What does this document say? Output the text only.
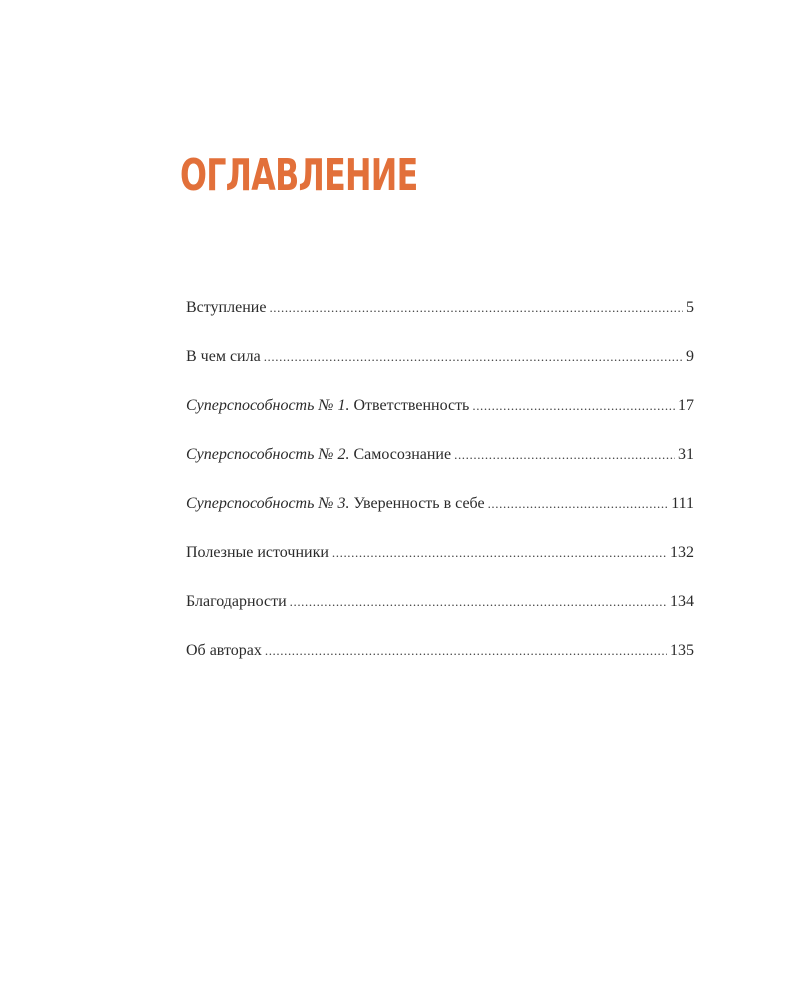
ОГЛАВЛЕНИЕ
Вступление .....	5
В чем сила .....	9
Суперспособность № 1. Ответственность .....	17
Суперспособность № 2. Самосознание .....	31
Суперспособность № 3. Уверенность в себе .....	111
Полезные источники .....	132
Благодарности .....	134
Об авторах .....	135
